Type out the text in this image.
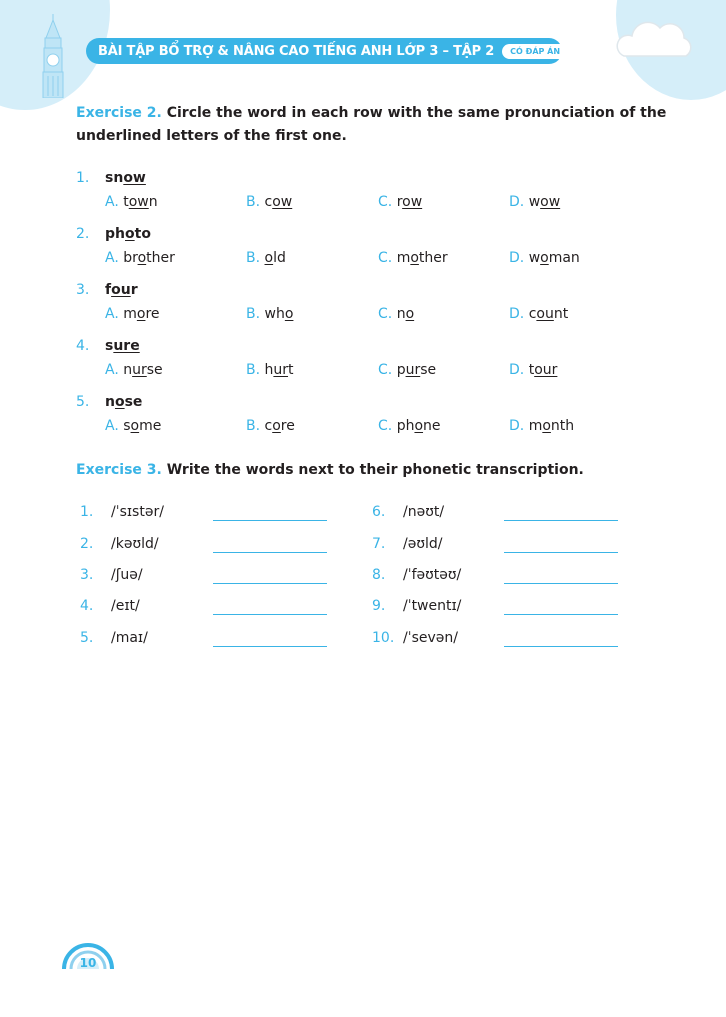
BÀI TẬP BỔ TRỢ & NÂNG CAO TIẾNG ANH LỚP 3 – TẬP 2	CÓ ĐÁP ÁN
Exercise 2. Circle the word in each row with the same pronunciation of the
underlined letters of the first one.
1. snow
A. town	B. cow	C. row	D. wow
2. photo
A. brother	B. old	C. mother	D. woman
3. four
A. more	B. who	C. no	D. count
4. sure
A. nurse	B. hurt	C. purse	D. tour
5. nose
A. some	B. core	C. phone	D. month
Exercise 3. Write the words next to their phonetic transcription.
1. /ˈsɪstər/	6. /nəʊt/
2. /kəʊld/	7. /əʊld/
3. /ʃuə/	8. /ˈfəʊtəʊ/
4. /eɪt/	9. /ˈtwentɪ/
5. /maɪ/	10. /ˈsevən/
10
